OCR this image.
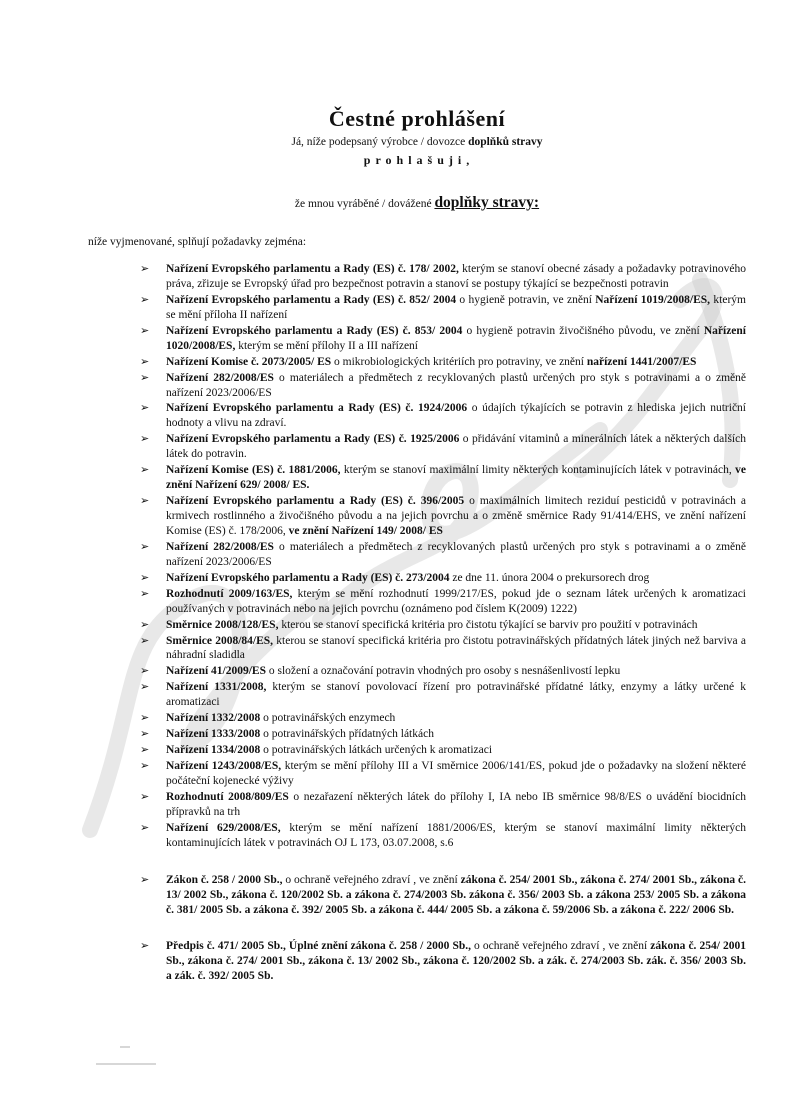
Čestné prohlášení

Já, níže podepsaný výrobce / dovozce doplňků stravy

p r o h l a š u j i ,

že mnou vyráběné / dovážené doplňky stravy:

níže vyjmenované, splňují požadavky zejména:

➢ Nařízení Evropského parlamentu a Rady (ES) č. 178/ 2002, kterým se stanoví obecné zásady a požadavky potravinového práva, zřizuje se Evropský úřad pro bezpečnost potravin a stanoví se postupy týkající se bezpečnosti potravin
➢ Nařízení Evropského parlamentu a Rady (ES) č. 852/ 2004 o hygieně potravin, ve znění Nařízení 1019/2008/ES, kterým se mění příloha II nařízení
➢ Nařízení Evropského parlamentu a Rady (ES) č. 853/ 2004 o hygieně potravin živočišného původu, ve znění Nařízení 1020/2008/ES, kterým se mění přílohy II a III nařízení
➢ Nařízení Komise č. 2073/2005/ ES o mikrobiologických kritériích pro potraviny, ve znění nařízení 1441/2007/ES
➢ Nařízení 282/2008/ES o materiálech a předmětech z recyklovaných plastů určených pro styk s potravinami a o změně nařízení 2023/2006/ES
➢ Nařízení Evropského parlamentu a Rady (ES) č. 1924/2006 o údajích týkajících se potravin z hlediska jejich nutriční hodnoty a vlivu na zdraví.
➢ Nařízení Evropského parlamentu a Rady (ES) č. 1925/2006 o přidávání vitaminů a minerálních látek a některých dalších látek do potravin.
➢ Nařízení Komise (ES) č. 1881/2006, kterým se stanoví maximální limity některých kontaminujících látek v potravinách, ve znění Nařízení 629/ 2008/ ES.
➢ Nařízení Evropského parlamentu a Rady (ES) č. 396/2005 o maximálních limitech reziduí pesticidů v potravinách a krmivech rostlinného a živočišného původu a na jejich povrchu a o změně směrnice Rady 91/414/EHS, ve znění nařízení Komise (ES) č. 178/2006, ve znění Nařízení 149/ 2008/ ES
➢ Nařízení 282/2008/ES o materiálech a předmětech z recyklovaných plastů určených pro styk s potravinami a o změně nařízení 2023/2006/ES
➢ Nařízení Evropského parlamentu a Rady (ES) č. 273/2004 ze dne 11. února 2004 o prekursorech drog
➢ Rozhodnutí 2009/163/ES, kterým se mění rozhodnutí 1999/217/ES, pokud jde o seznam látek určených k aromatizaci používaných v potravinách nebo na jejich povrchu (oznámeno pod číslem K(2009) 1222)
➢ Směrnice 2008/128/ES, kterou se stanoví specifická kritéria pro čistotu týkající se barviv pro použití v potravinách
➢ Směrnice 2008/84/ES, kterou se stanoví specifická kritéria pro čistotu potravinářských přídatných látek jiných než barviva a náhradní sladidla
➢ Nařízení 41/2009/ES o složení a označování potravin vhodných pro osoby s nesnášenlivostí lepku
➢ Nařízení 1331/2008, kterým se stanoví povolovací řízení pro potravinářské přídatné látky, enzymy a látky určené k aromatizaci
➢ Nařízení 1332/2008 o potravinářských enzymech
➢ Nařízení 1333/2008 o potravinářských přídatných látkách
➢ Nařízení 1334/2008 o potravinářských látkách určených k aromatizaci
➢ Nařízení 1243/2008/ES, kterým se mění přílohy III a VI směrnice 2006/141/ES, pokud jde o požadavky na složení některé počáteční kojenecké výživy
➢ Rozhodnutí 2008/809/ES o nezařazení některých látek do přílohy I, IA nebo IB směrnice 98/8/ES o uvádění biocidních přípravků na trh
➢ Nařízení 629/2008/ES, kterým se mění nařízení 1881/2006/ES, kterým se stanoví maximální limity některých kontaminujících látek v potravinách OJ L 173, 03.07.2008, s.6
➢ Zákon č. 258 / 2000 Sb., o ochraně veřejného zdraví , ve znění zákona č. 254/ 2001 Sb., zákona č. 274/ 2001 Sb., zákona č. 13/ 2002 Sb., zákona č. 120/2002 Sb. a zákona č. 274/2003 Sb. zákona č. 356/ 2003 Sb. a zákona 253/ 2005 Sb. a zákona č. 381/ 2005 Sb. a zákona č. 392/ 2005 Sb. a zákona č. 444/ 2005 Sb. a zákona č. 59/2006 Sb. a zákona č. 222/ 2006 Sb.
➢ Předpis č. 471/ 2005 Sb., Úplné znění zákona č. 258 / 2000 Sb., o ochraně veřejného zdraví , ve znění zákona č. 254/ 2001 Sb., zákona č. 274/ 2001 Sb., zákona č. 13/ 2002 Sb., zákona č. 120/2002 Sb. a zák. č. 274/2003 Sb. zák. č. 356/ 2003 Sb. a zák. č. 392/ 2005 Sb.
